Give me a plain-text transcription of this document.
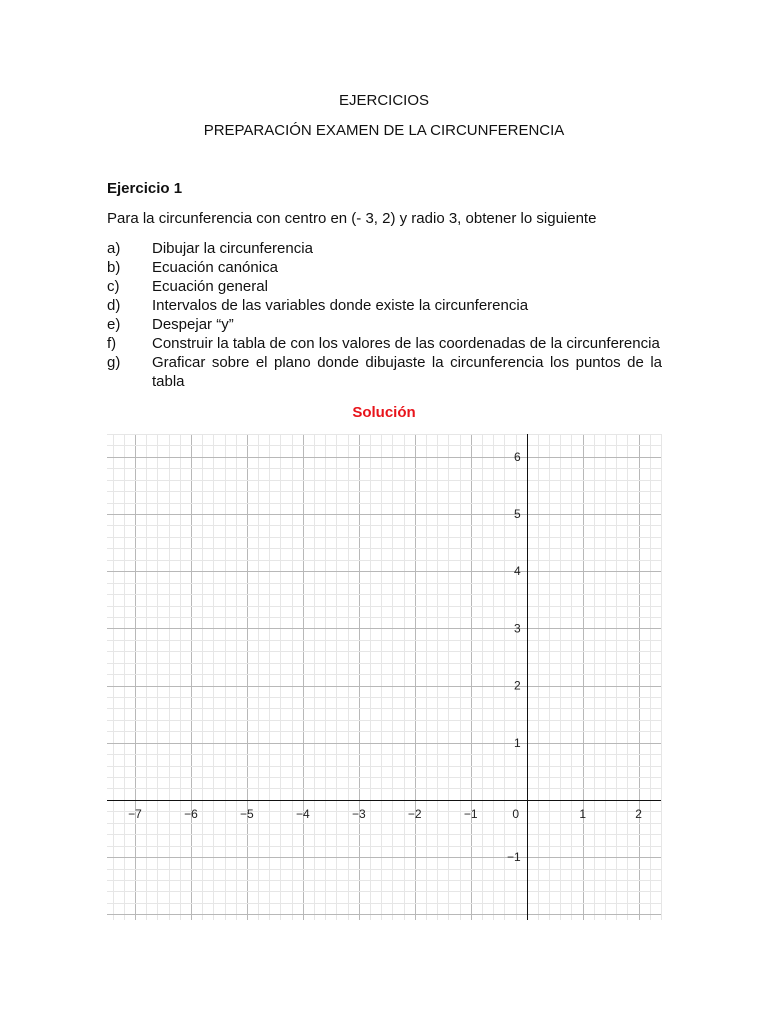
EJERCICIOS
PREPARACIÓN EXAMEN DE LA CIRCUNFERENCIA
Ejercicio 1
Para la circunferencia con centro en (- 3, 2) y radio 3, obtener lo siguiente
a)	Dibujar la circunferencia
b)	Ecuación canónica
c)	Ecuación general
d)	Intervalos de las variables donde existe la circunferencia
e)	Despejar “y”
f)	Construir la tabla de con los valores de las coordenadas de la circunferencia
g)	Graficar sobre el plano donde dibujaste la circunferencia los puntos de la tabla
Solución
−7	−6	−5	−4	−3	−2	−1	0	1	2
6
5
4
3
2
1
−1
